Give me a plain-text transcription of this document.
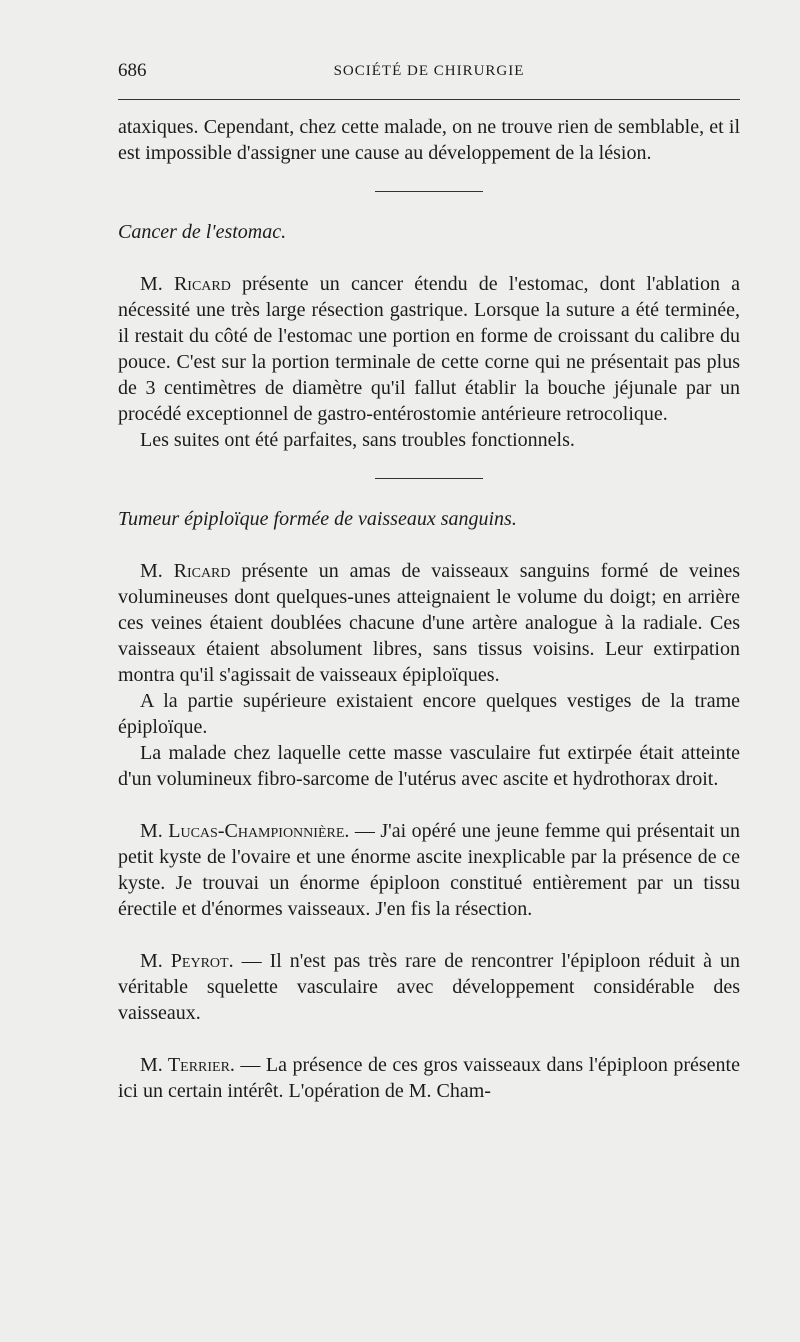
686	SOCIÉTÉ DE CHIRURGIE

ataxiques. Cependant, chez cette malade, on ne trouve rien de semblable, et il est impossible d'assigner une cause au développement de la lésion.

Cancer de l'estomac.

M. Ricard présente un cancer étendu de l'estomac, dont l'ablation a nécessité une très large résection gastrique. Lorsque la suture a été terminée, il restait du côté de l'estomac une portion en forme de croissant du calibre du pouce. C'est sur la portion terminale de cette corne qui ne présentait pas plus de 3 centimètres de diamètre qu'il fallut établir la bouche jéjunale par un procédé exceptionnel de gastro-entérostomie antérieure retrocolique.

Les suites ont été parfaites, sans troubles fonctionnels.

Tumeur épiploïque formée de vaisseaux sanguins.

M. Ricard présente un amas de vaisseaux sanguins formé de veines volumineuses dont quelques-unes atteignaient le volume du doigt; en arrière ces veines étaient doublées chacune d'une artère analogue à la radiale. Ces vaisseaux étaient absolument libres, sans tissus voisins. Leur extirpation montra qu'il s'agissait de vaisseaux épiploïques.

A la partie supérieure existaient encore quelques vestiges de la trame épiploïque.

La malade chez laquelle cette masse vasculaire fut extirpée était atteinte d'un volumineux fibro-sarcome de l'utérus avec ascite et hydrothorax droit.

M. Lucas-Championnière. — J'ai opéré une jeune femme qui présentait un petit kyste de l'ovaire et une énorme ascite inexplicable par la présence de ce kyste. Je trouvai un énorme épiploon constitué entièrement par un tissu érectile et d'énormes vaisseaux. J'en fis la résection.

M. Peyrot. — Il n'est pas très rare de rencontrer l'épiploon réduit à un véritable squelette vasculaire avec développement considérable des vaisseaux.

M. Terrier. — La présence de ces gros vaisseaux dans l'épiploon présente ici un certain intérêt. L'opération de M. Cham-
